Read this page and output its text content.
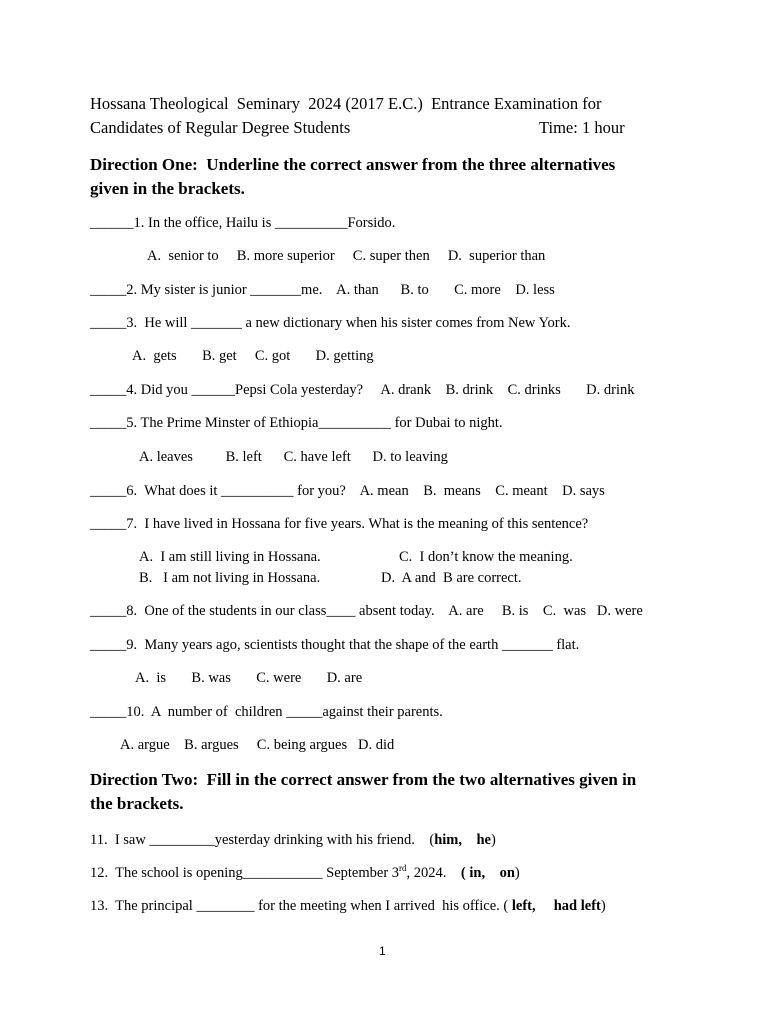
Hossana Theological  Seminary  2024 (2017 E.C.)  Entrance Examination for
Candidates of Regular Degree Students	Time: 1 hour
Direction One:  Underline the correct answer from the three alternatives
given in the brackets.
______1. In the office, Hailu is __________Forsido.
A.  senior to     B. more superior     C. super then     D.  superior than
_____2. My sister is junior _______me.    A. than      B. to       C. more    D. less
_____3.  He will _______ a new dictionary when his sister comes from New York.
A.  gets       B. get     C. got       D. getting
_____4. Did you ______Pepsi Cola yesterday?     A. drank    B. drink    C. drinks       D. drink
_____5. The Prime Minster of Ethiopia__________ for Dubai to night.
A. leaves         B. left      C. have left      D. to leaving
_____6.  What does it __________ for you?    A. mean    B.  means    C. meant    D. says
_____7.  I have lived in Hossana for five years. What is the meaning of this sentence?
A.  I am still living in Hossana.	C.  I don’t know the meaning.
B.   I am not living in Hossana.	D.  A and  B are correct.
_____8.  One of the students in our class____ absent today.    A. are     B. is    C.  was   D. were
_____9.  Many years ago, scientists thought that the shape of the earth _______ flat.
A.  is       B. was       C. were       D. are
_____10.  A  number of  children _____against their parents.
A. argue    B. argues     C. being argues   D. did
Direction Two:  Fill in the correct answer from the two alternatives given in
the brackets.
11.  I saw _________yesterday drinking with his friend.    (him,    he)
12.  The school is opening___________ September 3rd, 2024.    ( in,    on)
13.  The principal ________ for the meeting when I arrived  his office. ( left,     had left)
1
